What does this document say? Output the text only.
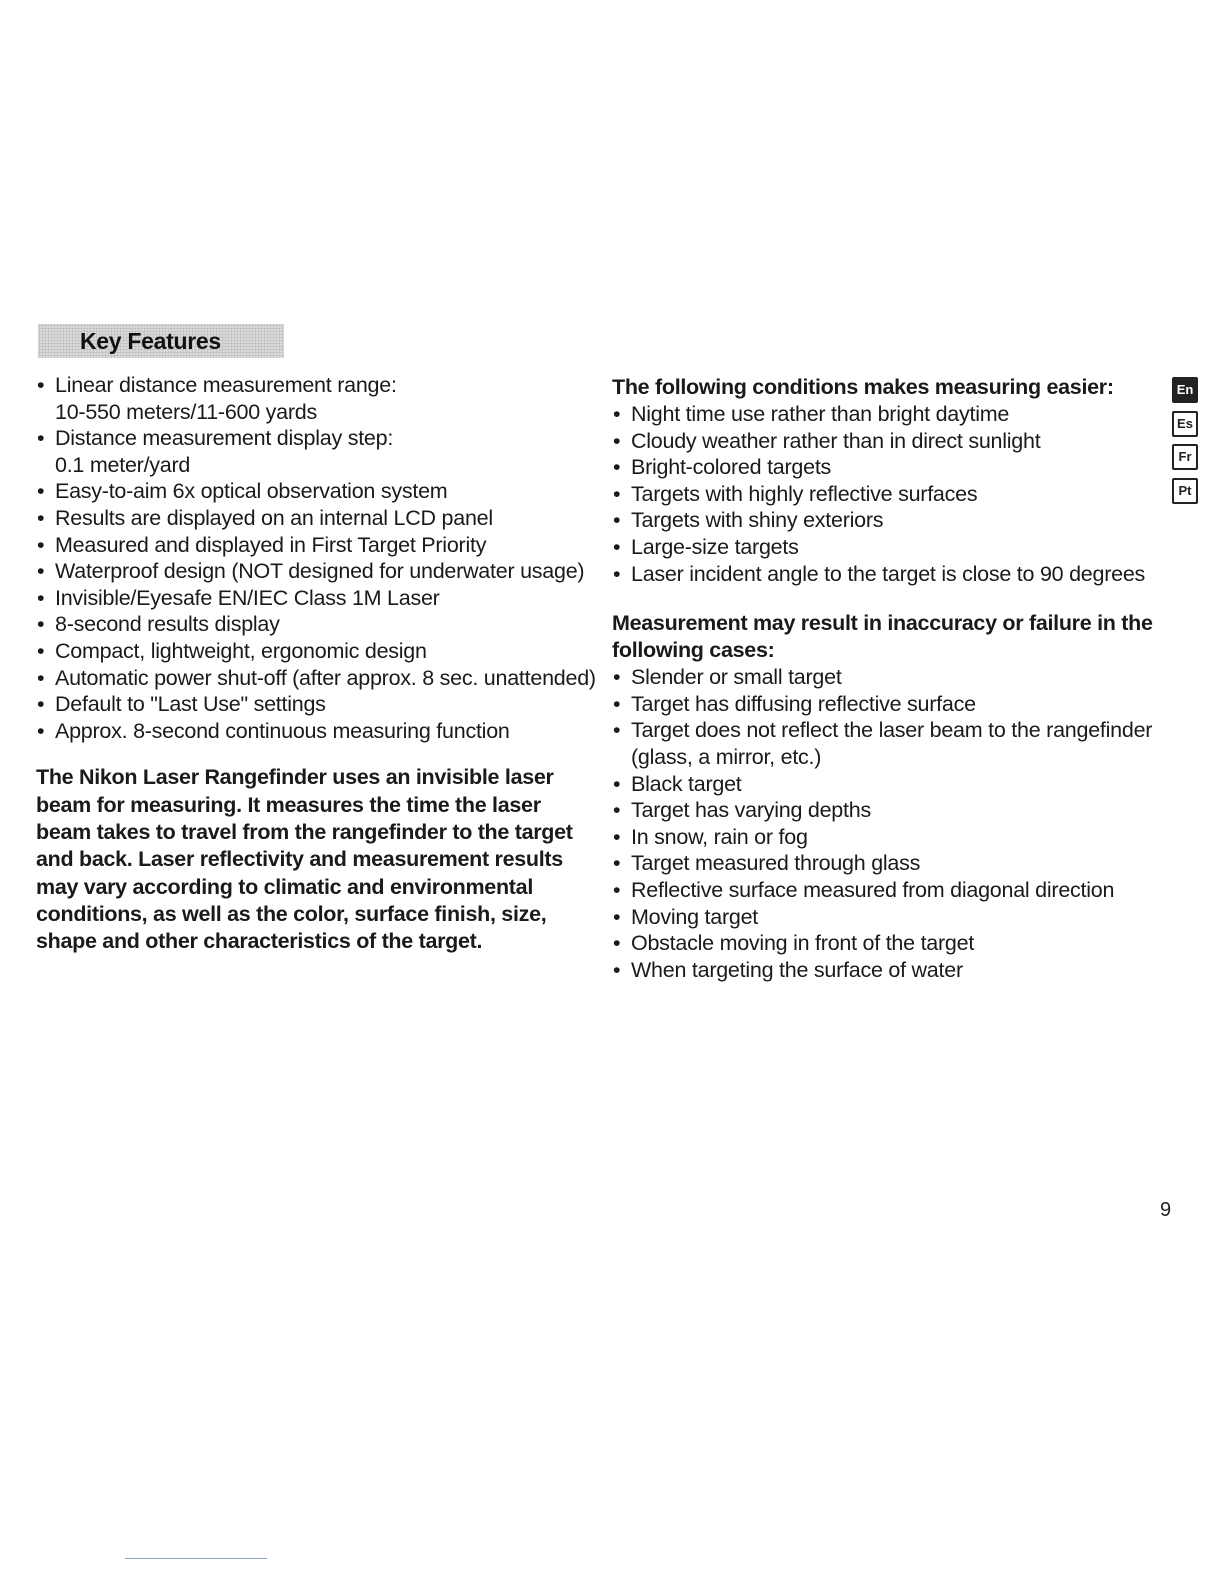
Key Features
• Linear distance measurement range:
10-550 meters/11-600 yards
• Distance measurement display step:
0.1 meter/yard
• Easy-to-aim 6x optical observation system
• Results are displayed on an internal LCD panel
• Measured and displayed in First Target Priority
• Waterproof design (NOT designed for underwater usage)
• Invisible/Eyesafe EN/IEC Class 1M Laser
• 8-second results display
• Compact, lightweight, ergonomic design
• Automatic power shut-off (after approx. 8 sec. unattended)
• Default to "Last Use" settings
• Approx. 8-second continuous measuring function

The Nikon Laser Rangefinder uses an invisible laser beam for measuring. It measures the time the laser beam takes to travel from the rangefinder to the target and back. Laser reflectivity and measurement results may vary according to climatic and environmental conditions, as well as the color, surface finish, size, shape and other characteristics of the target.

The following conditions makes measuring easier:

• Night time use rather than bright daytime
• Cloudy weather rather than in direct sunlight
• Bright-colored targets
• Targets with highly reflective surfaces
• Targets with shiny exteriors
• Large-size targets
• Laser incident angle to the target is close to 90 degrees

Measurement may result in inaccuracy or failure in the following cases:

• Slender or small target
• Target has diffusing reflective surface
• Target does not reflect the laser beam to the rangefinder (glass, a mirror, etc.)
• Black target
• Target has varying depths
• In snow, rain or fog
• Target measured through glass
• Reflective surface measured from diagonal direction
• Moving target
• Obstacle moving in front of the target
• When targeting the surface of water
En
Es
Fr
Pt
9
